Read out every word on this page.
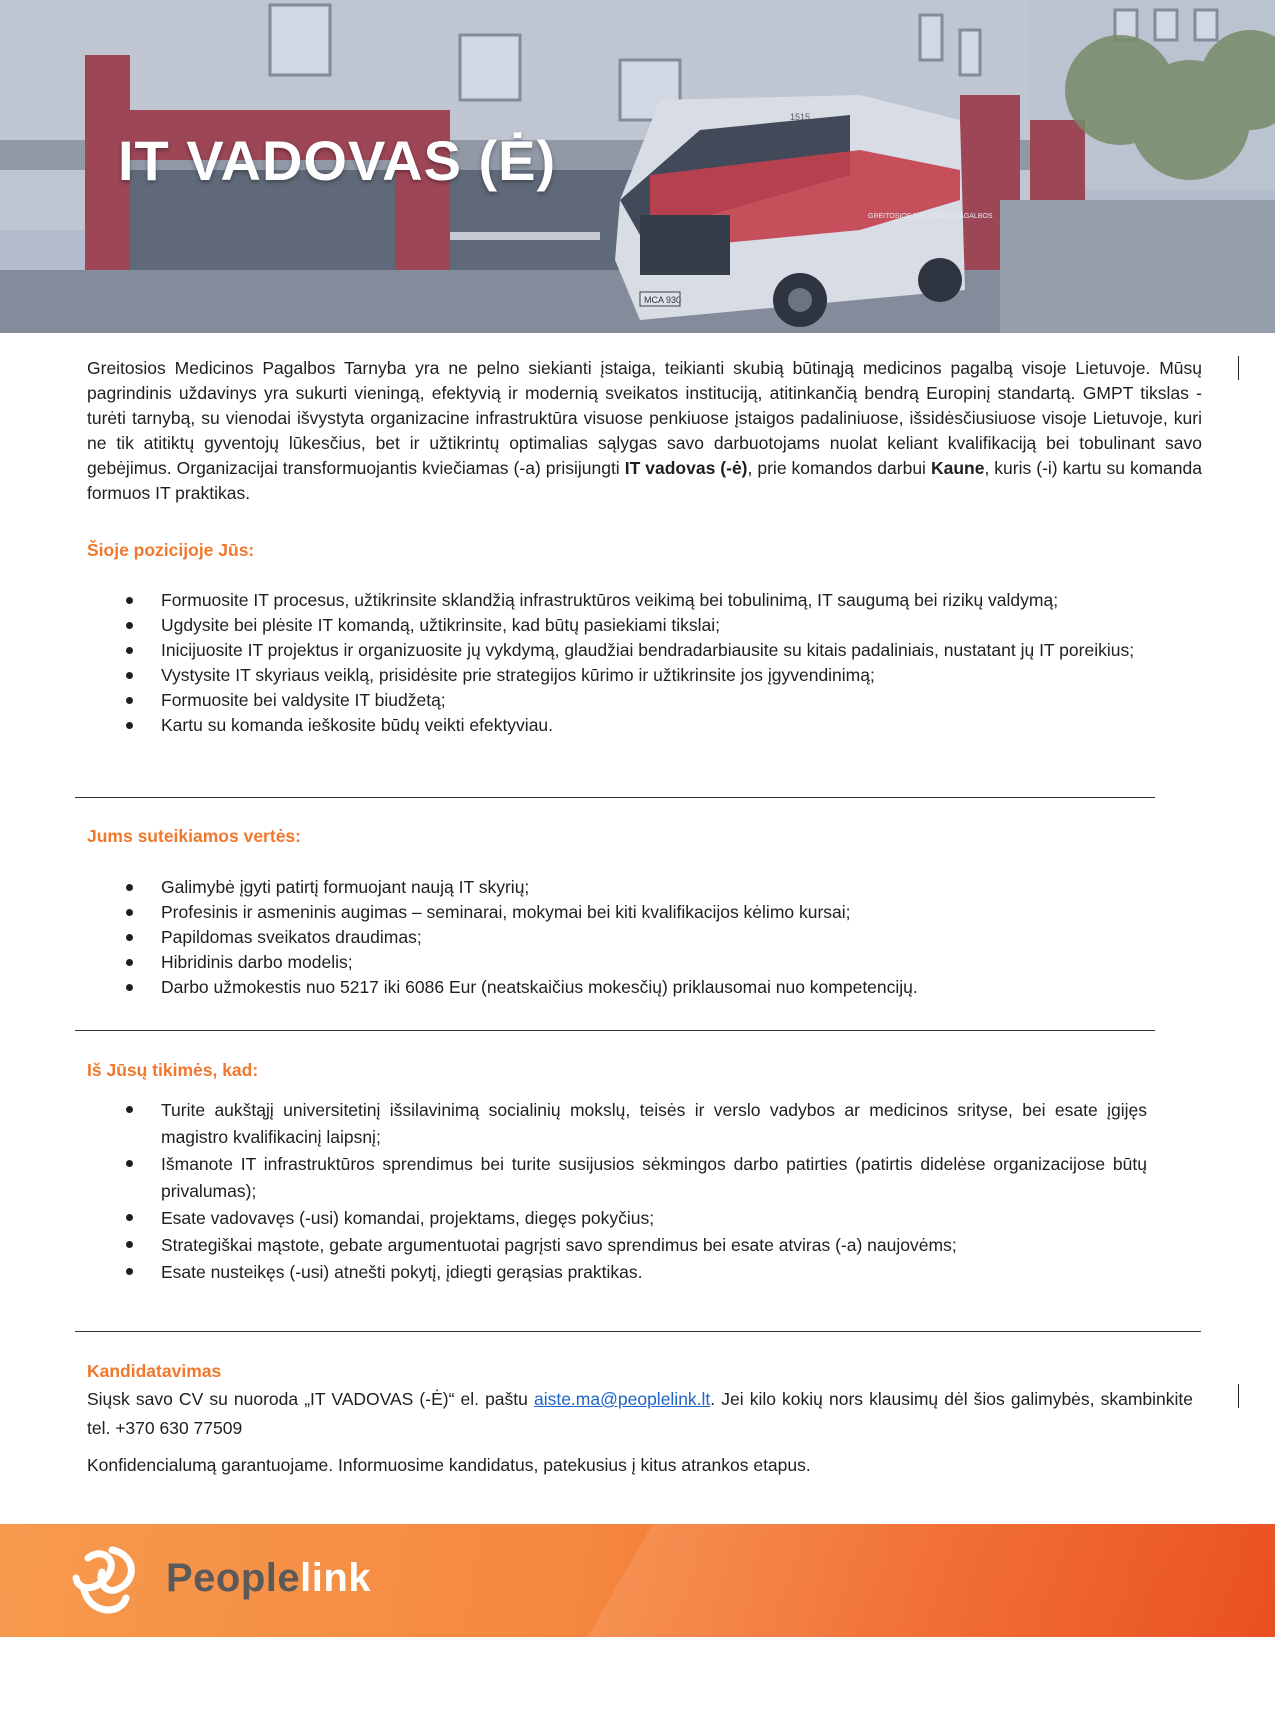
MCA 930
GREITOSIOS MEDICINOS PAGALBOS
1515
IT VADOVAS (Ė)

Greitosios Medicinos Pagalbos Tarnyba yra ne pelno siekianti įstaiga, teikianti skubią būtinąją medicinos pagalbą visoje Lietuvoje. Mūsų pagrindinis uždavinys yra sukurti vieningą, efektyvią ir modernią sveikatos instituciją, atitinkančią bendrą Europinį standartą. GMPT tikslas - turėti tarnybą, su vienodai išvystyta organizacine infrastruktūra visuose penkiuose įstaigos padaliniuose, išsidėsčiusiuose visoje Lietuvoje, kuri ne tik atitiktų gyventojų lūkesčius, bet ir užtikrintų optimalias sąlygas savo darbuotojams nuolat keliant kvalifikaciją bei tobulinant savo gebėjimus. Organizacijai transformuojantis kviečiamas (-a) prisijungti IT vadovas (-ė), prie komandos darbui Kaune, kuris (-i) kartu su komanda formuos IT praktikas.

Šioje pozicijoje Jūs:
Formuosite IT procesus, užtikrinsite sklandžią infrastruktūros veikimą bei tobulinimą, IT saugumą bei rizikų valdymą;
Ugdysite bei plėsite IT komandą, užtikrinsite, kad būtų pasiekiami tikslai;
Inicijuosite IT projektus ir organizuosite jų vykdymą, glaudžiai bendradarbiausite su kitais padaliniais, nustatant jų IT poreikius;
Vystysite IT skyriaus veiklą, prisidėsite prie strategijos kūrimo ir užtikrinsite jos įgyvendinimą;
Formuosite bei valdysite IT biudžetą;
Kartu su komanda ieškosite būdų veikti efektyviau.
Jums suteikiamos vertės:
Galimybė įgyti patirtį formuojant naują IT skyrių;
Profesinis ir asmeninis augimas – seminarai, mokymai bei kiti kvalifikacijos kėlimo kursai;
Papildomas sveikatos draudimas;
Hibridinis darbo modelis;
Darbo užmokestis nuo 5217 iki 6086 Eur (neatskaičius mokesčių) priklausomai nuo kompetencijų.
Iš Jūsų tikimės, kad:
Turite aukštąjį universitetinį išsilavinimą socialinių mokslų, teisės ir verslo vadybos ar medicinos srityse, bei esate įgijęs magistro kvalifikacinį laipsnį;
Išmanote IT infrastruktūros sprendimus bei turite susijusios sėkmingos darbo patirties (patirtis didelėse organizacijose būtų privalumas);
Esate vadovavęs (-usi) komandai, projektams, diegęs pokyčius;
Strategiškai mąstote, gebate argumentuotai pagrįsti savo sprendimus bei esate atviras (-a) naujovėms;
Esate nusteikęs (-usi) atnešti pokytį, įdiegti gerąsias praktikas.
Kandidatavimas

Siųsk savo CV su nuoroda „IT VADOVAS (-Ė)“ el. paštu aiste.ma@peoplelink.lt. Jei kilo kokių nors klausimų dėl šios galimybės, skambinkite tel. +370 630 77509

Konfidencialumą garantuojame. Informuosime kandidatus, patekusius į kitus atrankos etapus.

Peoplelink
